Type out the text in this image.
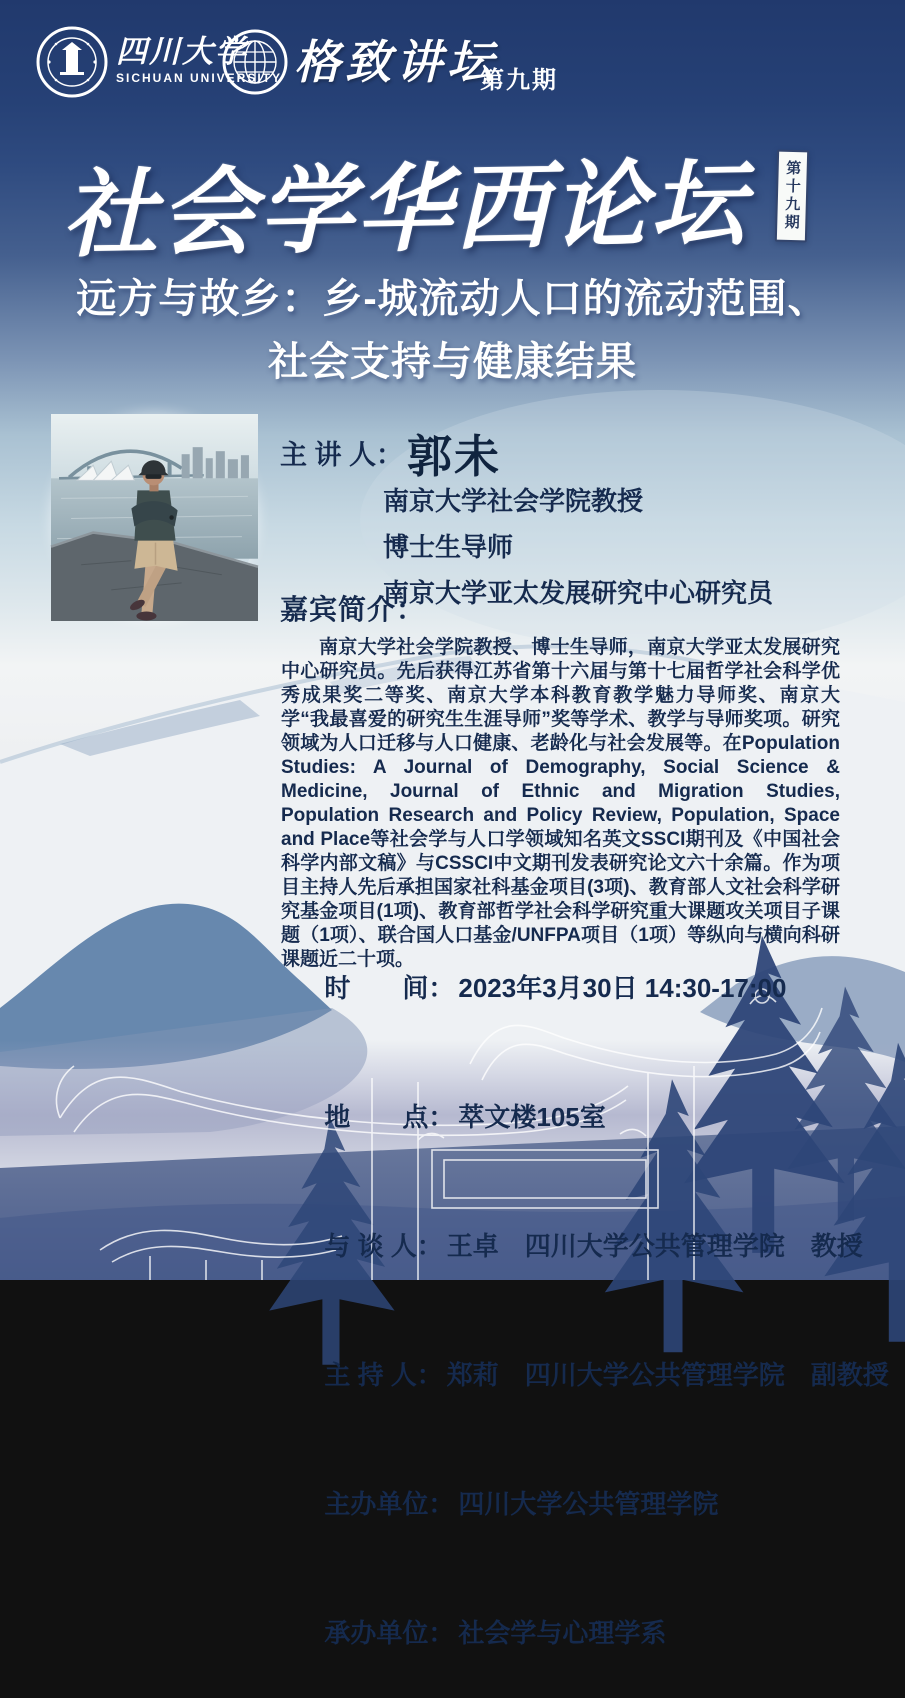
四川大学
SICHUAN UNIVERSITY 格致讲坛
第九期
社会学华西论坛	第十九期
远方与故乡：乡-城流动人口的流动范围、
社会支持与健康结果
主 讲 人： 郭未
南京大学社会学院教授
博士生导师
南京大学亚太发展研究中心研究员
嘉宾简介：

南京大学社会学院教授、博士生导师，南京大学亚太发展研究中心研究员。先后获得江苏省第十六届与第十七届哲学社会科学优秀成果奖二等奖、南京大学本科教育教学魅力导师奖、南京大学“我最喜爱的研究生生涯导师”奖等学术、教学与导师奖项。研究领域为人口迁移与人口健康、老龄化与社会发展等。在Population Studies: A Journal of Demography, Social Science & Medicine, Journal of Ethnic and Migration Studies, Population Research and Policy Review, Population, Space and Place等社会学与人口学领域知名英文SSCI期刊及《中国社会科学内部文稿》与CSSCI中文期刊发表研究论文六十余篇。作为项目主持人先后承担国家社科基金项目(3项)、教育部人文社会科学研究基金项目(1项)、教育部哲学社会科学研究重大课题攻关项目子课题（1项）、联合国人口基金/UNFPA项目（1项）等纵向与横向科研课题近二十项。

时　　间： 2023年3月30日 14:30-17:00

地　　点： 萃文楼105室

与 谈 人： 王卓　四川大学公共管理学院　教授

主 持 人： 郑莉　四川大学公共管理学院　副教授

主办单位： 四川大学公共管理学院

承办单位： 社会学与心理学系
